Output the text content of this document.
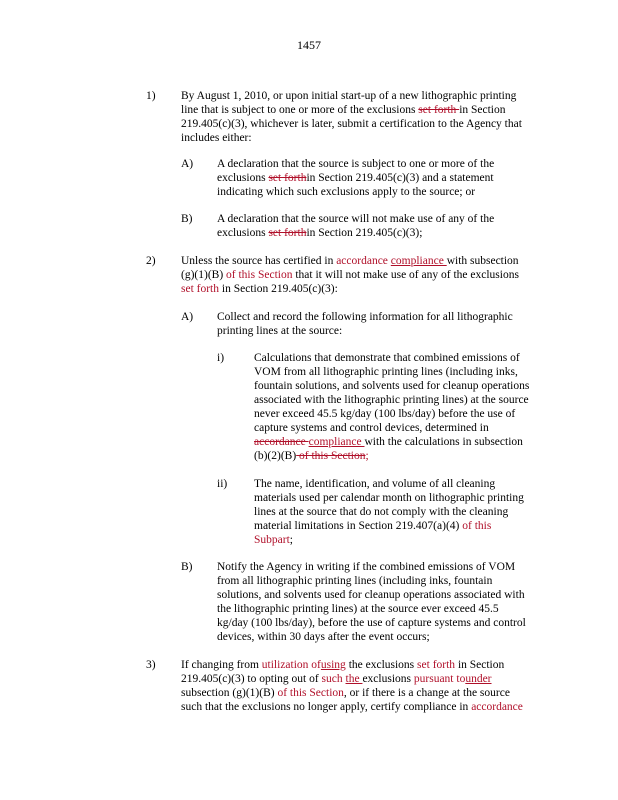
1457
1) By August 1, 2010, or upon initial start-up of a new lithographic printing
line that is subject to one or more of the exclusions set forth in Section
219.405(c)(3), whichever is later, submit a certification to the Agency that
includes either:
A) A declaration that the source is subject to one or more of the
exclusions set forthin Section 219.405(c)(3) and a statement
indicating which such exclusions apply to the source; or
B) A declaration that the source will not make use of any of the
exclusions set forthin Section 219.405(c)(3);
2) Unless the source has certified in accordance compliance with subsection
(g)(1)(B) of this Section that it will not make use of any of the exclusions
set forth in Section 219.405(c)(3):
A) Collect and record the following information for all lithographic
printing lines at the source:
i)	Calculations that demonstrate that combined emissions of
VOM from all lithographic printing lines (including inks,
fountain solutions, and solvents used for cleanup operations
associated with the lithographic printing lines) at the source
never exceed 45.5 kg/day (100 lbs/day) before the use of
capture systems and control devices, determined in
accordance compliance with the calculations in subsection
(b)(2)(B) of this Section;
ii) The name, identification, and volume of all cleaning
materials used per calendar month on lithographic printing
lines at the source that do not comply with the cleaning
material limitations in Section 219.407(a)(4) of this
Subpart;
B) Notify the Agency in writing if the combined emissions of VOM
from all lithographic printing lines (including inks, fountain
solutions, and solvents used for cleanup operations associated with
the lithographic printing lines) at the source ever exceed 45.5
kg/day (100 lbs/day), before the use of capture systems and control
devices, within 30 days after the event occurs;
3) If changing from utilization ofusing the exclusions set forth in Section
219.405(c)(3) to opting out of such the exclusions pursuant tounder
subsection (g)(1)(B) of this Section, or if there is a change at the source
such that the exclusions no longer apply, certify compliance in accordance
